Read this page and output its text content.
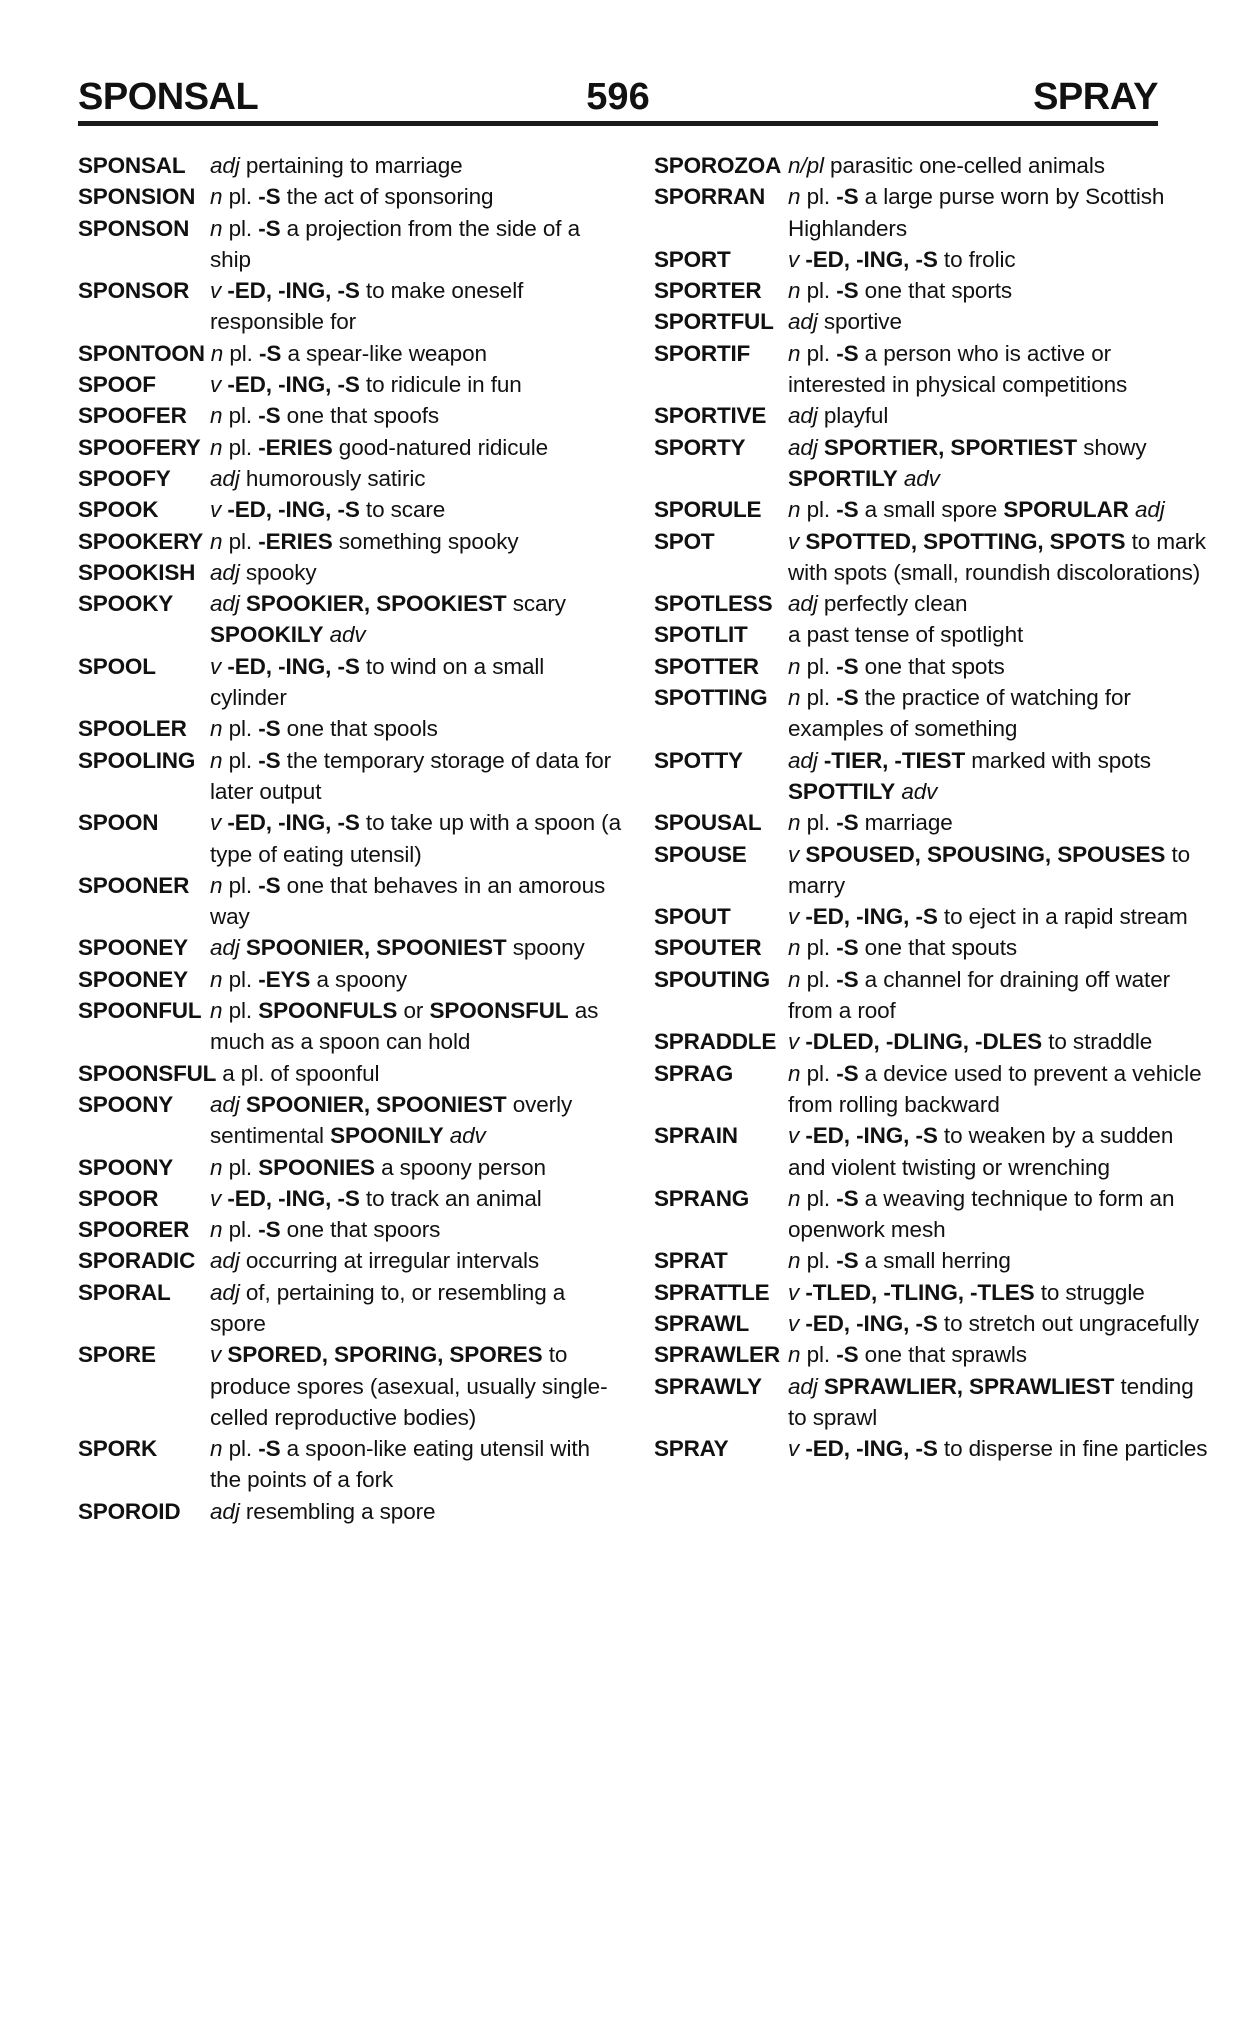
SPONSAL	SPRAY
596
SPONSAL	adj pertaining to marriage
SPONSION n pl. -S the act of sponsoring
SPONSON n pl. -S a projection from the side of a ship
SPONSOR v -ED, -ING, -S to make oneself responsible for
SPONTOON n pl. -S a spear-like weapon
SPOOF	v -ED, -ING, -S to ridicule in fun
SPOOFER	n pl. -S one that spoofs
SPOOFERY n pl. -ERIES good-natured ridicule
SPOOFY	adj humorously satiric
SPOOK	v -ED, -ING, -S to scare
SPOOKERY n pl. -ERIES something spooky
SPOOKISH adj spooky
SPOOKY	adj SPOOKIER, SPOOKIEST scary SPOOKILY adv
SPOOL	v -ED, -ING, -S to wind on a small cylinder
SPOOLER	n pl. -S one that spools
SPOOLING n pl. -S the temporary storage of data for later output
SPOON	v -ED, -ING, -S to take up with a spoon (a type of eating utensil)
SPOONER n pl. -S one that behaves in an amorous way
SPOONEY adj SPOONIER, SPOONIEST spoony
SPOONEY n pl. -EYS a spoony
SPOONFUL n pl. SPOONFULS or SPOONSFUL as much as a spoon can hold
SPOONSFUL a pl. of spoonful
SPOONY	adj SPOONIER, SPOONIEST overly sentimental SPOONILY adv
SPOONY	n pl. SPOONIES a spoony person
SPOOR	v -ED, -ING, -S to track an animal
SPOORER n pl. -S one that spoors
SPORADIC adj occurring at irregular intervals
SPORAL	adj of, pertaining to, or resembling a spore
SPORE	v SPORED, SPORING, SPORES to produce spores (asexual, usually single-celled reproductive bodies)
SPORK	n pl. -S a spoon-like eating utensil with the points of a fork
SPOROID	adj resembling a spore
SPOROZOA n/pl parasitic one-celled animals
SPORRAN	n pl. -S a large purse worn by Scottish Highlanders
SPORT	v -ED, -ING, -S to frolic
SPORTER	n pl. -S one that sports
SPORTFUL adj sportive
SPORTIF	n pl. -S a person who is active or interested in physical competitions
SPORTIVE adj playful
SPORTY	adj SPORTIER, SPORTIEST showy SPORTILY adv
SPORULE	n pl. -S a small spore SPORULAR adj
SPOT	v SPOTTED, SPOTTING, SPOTS to mark with spots (small, roundish discolorations)
SPOTLESS adj perfectly clean
SPOTLIT	a past tense of spotlight
SPOTTER	n pl. -S one that spots
SPOTTING n pl. -S the practice of watching for examples of something
SPOTTY	adj -TIER, -TIEST marked with spots SPOTTILY adv
SPOUSAL	n pl. -S marriage
SPOUSE	v SPOUSED, SPOUSING, SPOUSES to marry
SPOUT	v -ED, -ING, -S to eject in a rapid stream
SPOUTER	n pl. -S one that spouts
SPOUTING n pl. -S a channel for draining off water from a roof
SPRADDLE v -DLED, -DLING, -DLES to straddle
SPRAG	n pl. -S a device used to prevent a vehicle from rolling backward
SPRAIN	v -ED, -ING, -S to weaken by a sudden and violent twisting or wrenching
SPRANG	n pl. -S a weaving technique to form an openwork mesh
SPRAT	n pl. -S a small herring
SPRATTLE v -TLED, -TLING, -TLES to struggle
SPRAWL	v -ED, -ING, -S to stretch out ungracefully
SPRAWLER n pl. -S one that sprawls
SPRAWLY	adj SPRAWLIER, SPRAWLIEST tending to sprawl
SPRAY	v -ED, -ING, -S to disperse in fine particles
